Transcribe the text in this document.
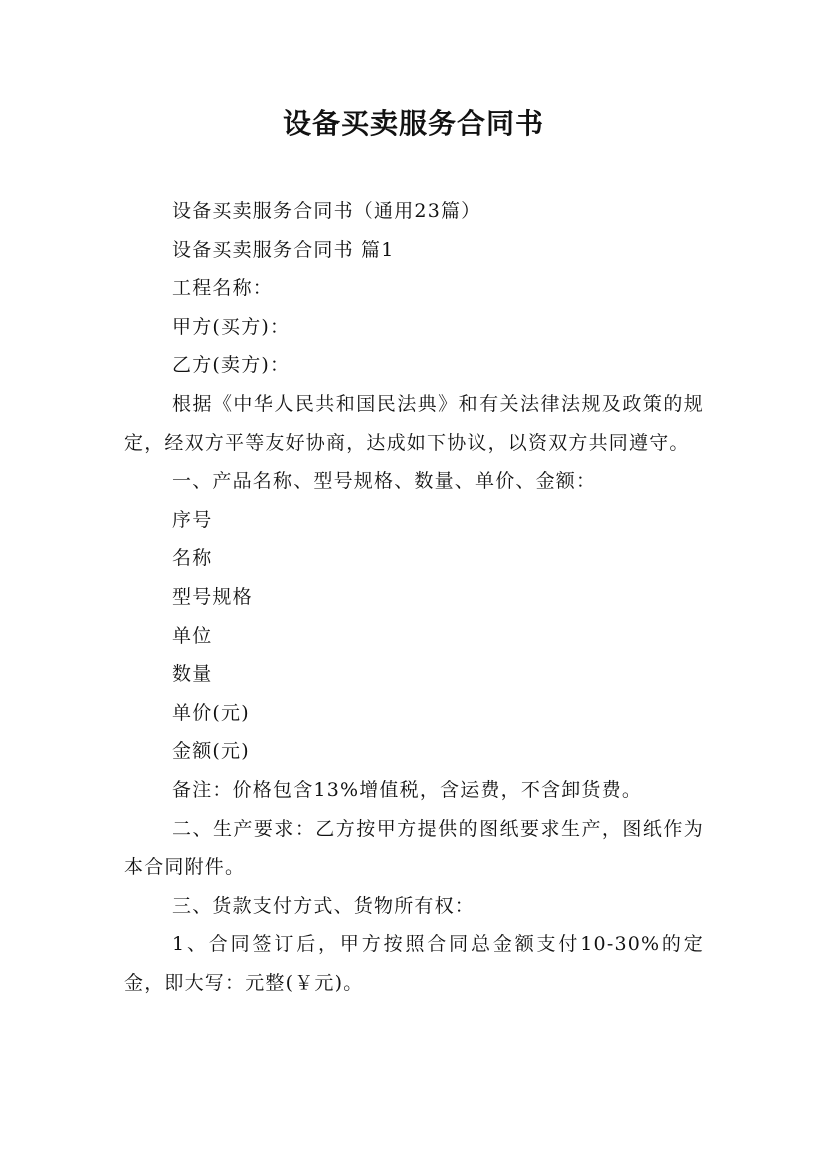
设备买卖服务合同书

设备买卖服务合同书（通用23篇）

设备买卖服务合同书 篇1

工程名称：

甲方(买方)：

乙方(卖方)：

根据《中华人民共和国民法典》和有关法律法规及政策的规定，经双方平等友好协商，达成如下协议，以资双方共同遵守。

一、产品名称、型号规格、数量、单价、金额：

序号

名称

型号规格

单位

数量

单价(元)

金额(元)

备注：价格包含13%增值税，含运费，不含卸货费。

二、生产要求：乙方按甲方提供的图纸要求生产，图纸作为本合同附件。

三、货款支付方式、货物所有权：

1、合同签订后，甲方按照合同总金额支付10-30%的定金，即大写：元整(￥元)。
